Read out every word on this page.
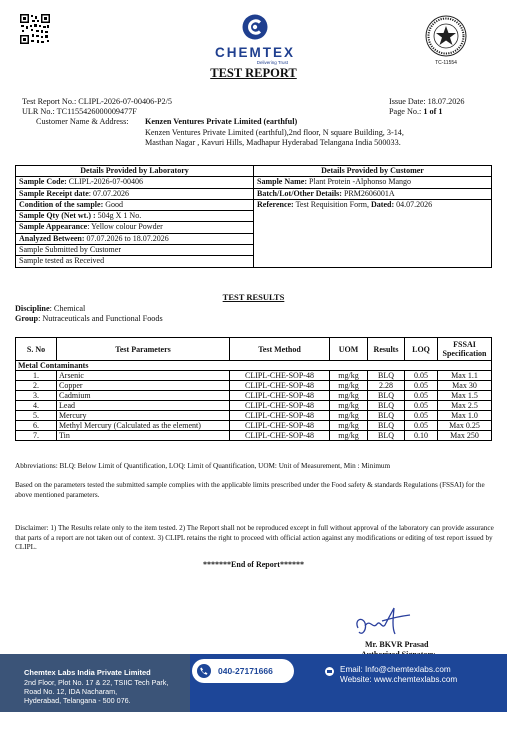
CHEMTEX
Delivering Trust	TC-11554
TEST REPORT
Test Report No.: CLIPL-2026-07-00406-P2/5
ULR No.: TC1155426000009477F
Customer Name & Address: Kenzen Ventures Private Limited (earthful)
Kenzen Ventures Private Limited (earthful),2nd floor, N square Building, 3-14,
Masthan Nagar , Kavuri Hills, Madhapur Hyderabad Telangana India 500033.
Issue Date: 18.07.2026
Page No.: 1 of 1
Details Provided by Laboratory	Details Provided by Customer
Sample Code: CLIPL-2026-07-00406	Sample Name: Plant Protein -Alphonso Mango
Sample Receipt date: 07.07.2026	Batch/Lot/Other Details: PRM2606001A
Condition of the sample: Good	Reference: Test Requisition Form, Dated: 04.07.2026
Sample Qty (Net wt.) : 504g X 1 No.	
Sample Appearance: Yellow colour Powder	
Analyzed Between: 07.07.2026 to 18.07.2026	
Sample Submitted by Customer	
Sample tested as Received	
TEST RESULTS
Discipline: Chemical
Group: Nutraceuticals and Functional Foods
S. No	Test Parameters	Test Method	UOM	Results	LOQ	FSSAI Specification
Metal Contaminants						
1.	Arsenic	CLIPL-CHE-SOP-48	mg/kg	BLQ	0.05	Max 1.1
2.	Copper	CLIPL-CHE-SOP-48	mg/kg	2.28	0.05	Max 30
3.	Cadmium	CLIPL-CHE-SOP-48	mg/kg	BLQ	0.05	Max 1.5
4.	Lead	CLIPL-CHE-SOP-48	mg/kg	BLQ	0.05	Max 2.5
5.	Mercury	CLIPL-CHE-SOP-48	mg/kg	BLQ	0.05	Max 1.0
6.	Methyl Mercury (Calculated as the element)	CLIPL-CHE-SOP-48	mg/kg	BLQ	0.05	Max 0.25
7.	Tin	CLIPL-CHE-SOP-48	mg/kg	BLQ	0.10	Max 250
Abbreviations: BLQ: Below Limit of Quantification, LOQ: Limit of Quantification, UOM: Unit of Measurement, Min : Minimum
Based on the parameters tested the submitted sample complies with the applicable limits prescribed under the Food safety & standards Regulations (FSSAI) for the above mentioned parameters.
Disclaimer: 1) The Results relate only to the item tested. 2) The Report shall not be reproduced except in full without approval of the laboratory can provide assurance that parts of a report are not taken out of context. 3) CLIPL retains the right to proceed with official action against any modifications or editing of test report issued by CLIPL.
*******End of Report******
Mr. BKVR Prasad
Chemtex Labs India Private Limited
2nd Floor, Plot No. 17 & 22, TSIIC Tech Park,
Road No. 12, IDA Nacharam,
Hyderabad, Telangana - 500 076.
040-27171666	Email: Info@chemtexlabs.com
Website: www.chemtexlabs.com
